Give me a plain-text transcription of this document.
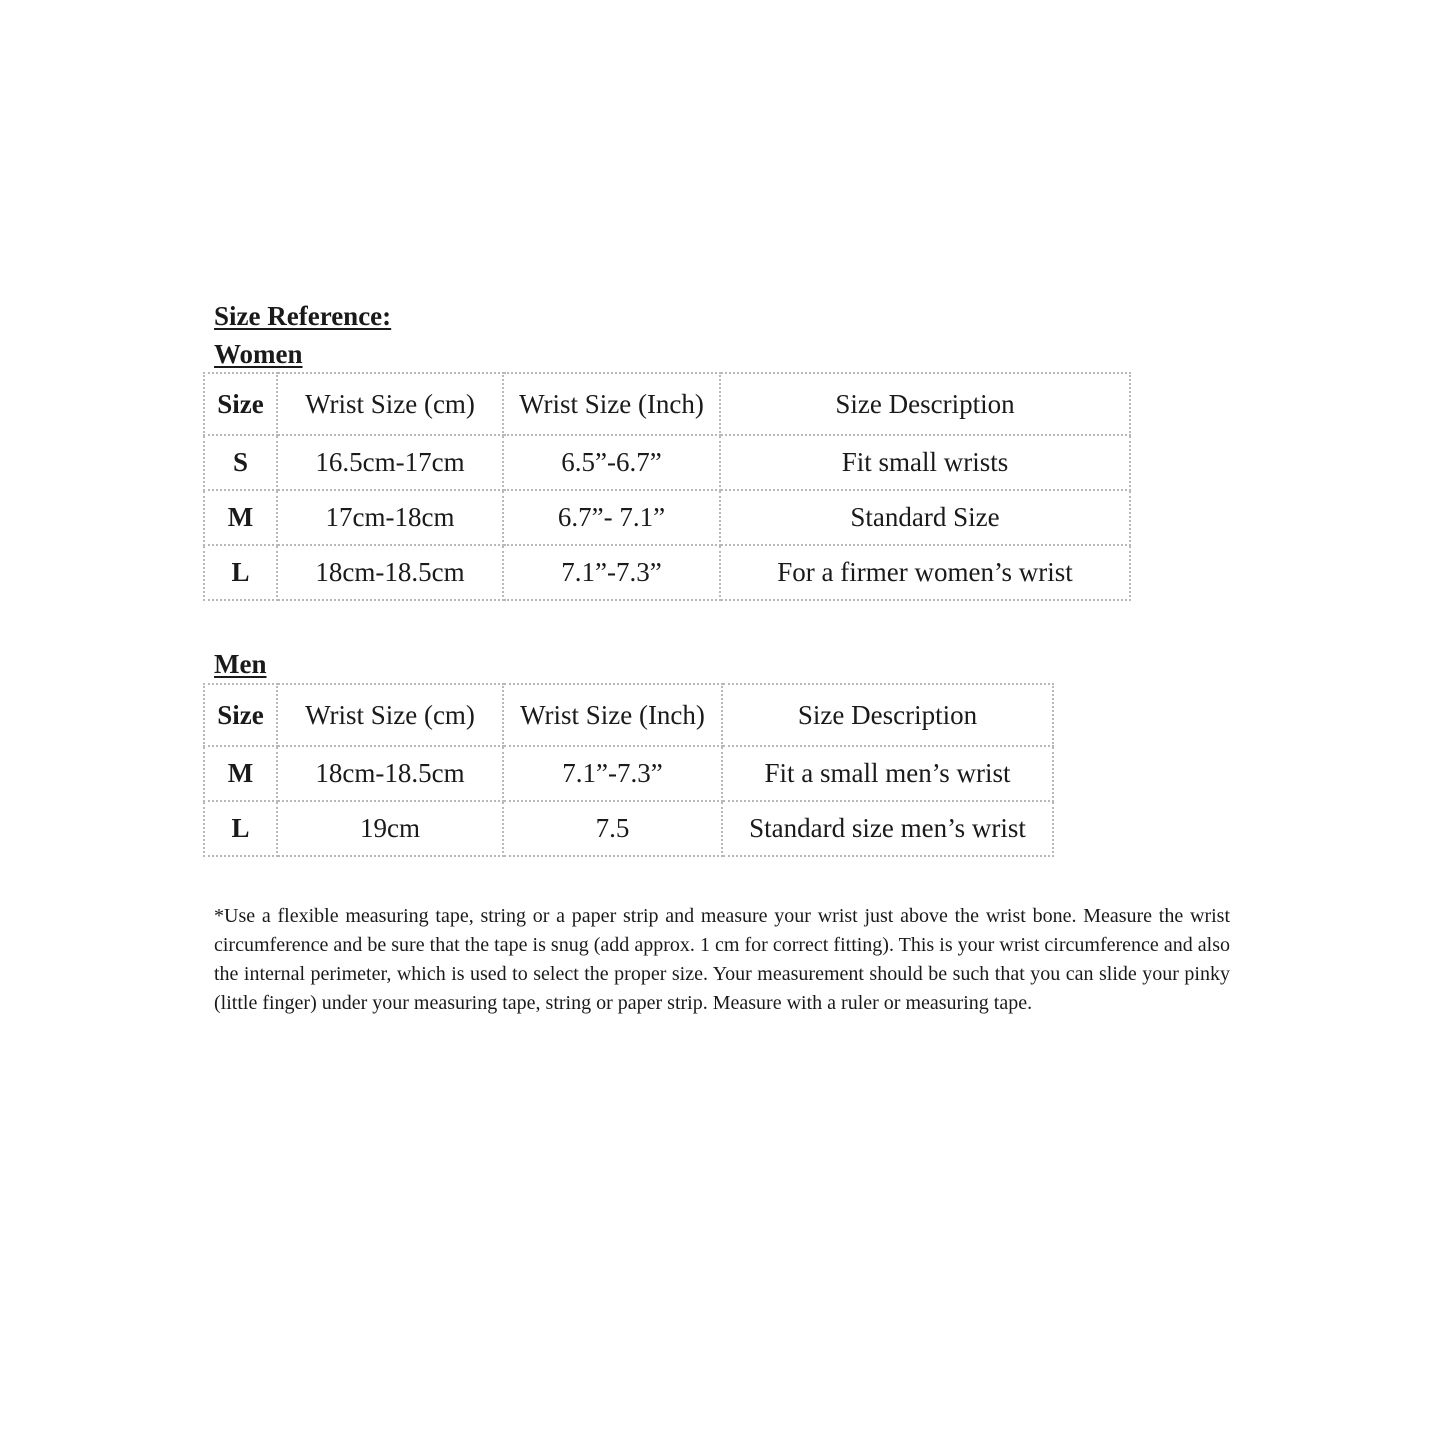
Size Reference:
Women
Size	Wrist Size (cm)	Wrist Size (Inch)	Size Description
S	16.5cm-17cm	6.5”-6.7”	Fit small wrists
M	17cm-18cm	6.7”- 7.1”	Standard Size
L	18cm-18.5cm	7.1”-7.3”	For a firmer women’s wrist
Men
Size	Wrist Size (cm)	Wrist Size (Inch)	Size Description
M	18cm-18.5cm	7.1”-7.3”	Fit a small men’s wrist
L	19cm	7.5	Standard size men’s wrist

*Use a flexible measuring tape, string or a paper strip and measure your wrist just above the wrist bone. Measure the wrist circumference and be sure that the tape is snug (add approx. 1 cm for correct fitting). This is your wrist circumference and also the internal perimeter, which is used to select the proper size. Your measurement should be such that you can slide your pinky (little finger) under your measuring tape, string or paper strip. Measure with a ruler or measuring tape.
